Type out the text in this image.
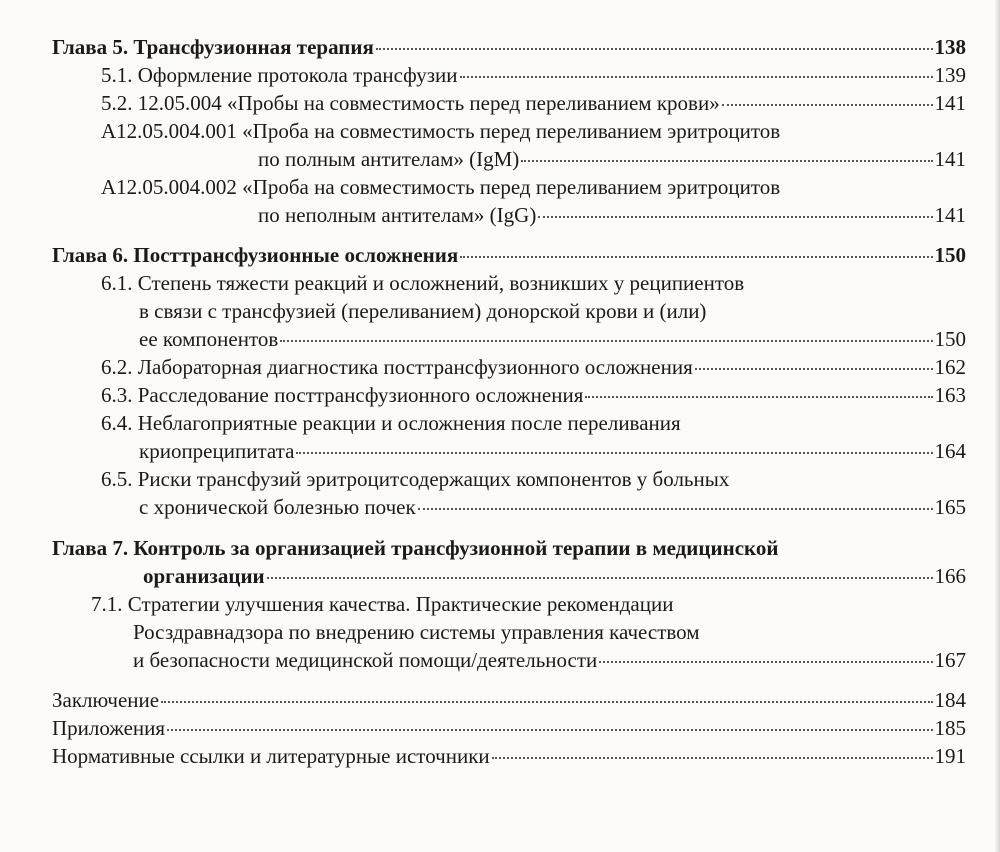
Глава 5. Трансфузионная терапия	138
5.1. Оформление протокола трансфузии	139
5.2. 12.05.004 «Пробы на совместимость перед переливанием крови»	141
А12.05.004.001 «Проба на совместимость перед переливанием эритроцитов
по полным антителам» (IgM)	141
А12.05.004.002 «Проба на совместимость перед переливанием эритроцитов
по неполным антителам» (IgG)	141
Глава 6. Посттрансфузионные осложнения	150
6.1. Степень тяжести реакций и осложнений, возникших у реципиентов
в связи с трансфузией (переливанием) донорской крови и (или)
ее компонентов	150
6.2. Лабораторная диагностика посттрансфузионного осложнения	162
6.3. Расследование посттрансфузионного осложнения	163
6.4. Неблагоприятные реакции и осложнения после переливания
криопреципитата	164
6.5. Риски трансфузий эритроцитсодержащих компонентов у больных
с хронической болезнью почек	165
Глава 7. Контроль за организацией трансфузионной терапии в медицинской
организации	166
7.1. Стратегии улучшения качества. Практические рекомендации
Росздравнадзора по внедрению системы управления качеством
и безопасности медицинской помощи/деятельности	167
Заключение	184
Приложения	185
Нормативные ссылки и литературные источники	191
